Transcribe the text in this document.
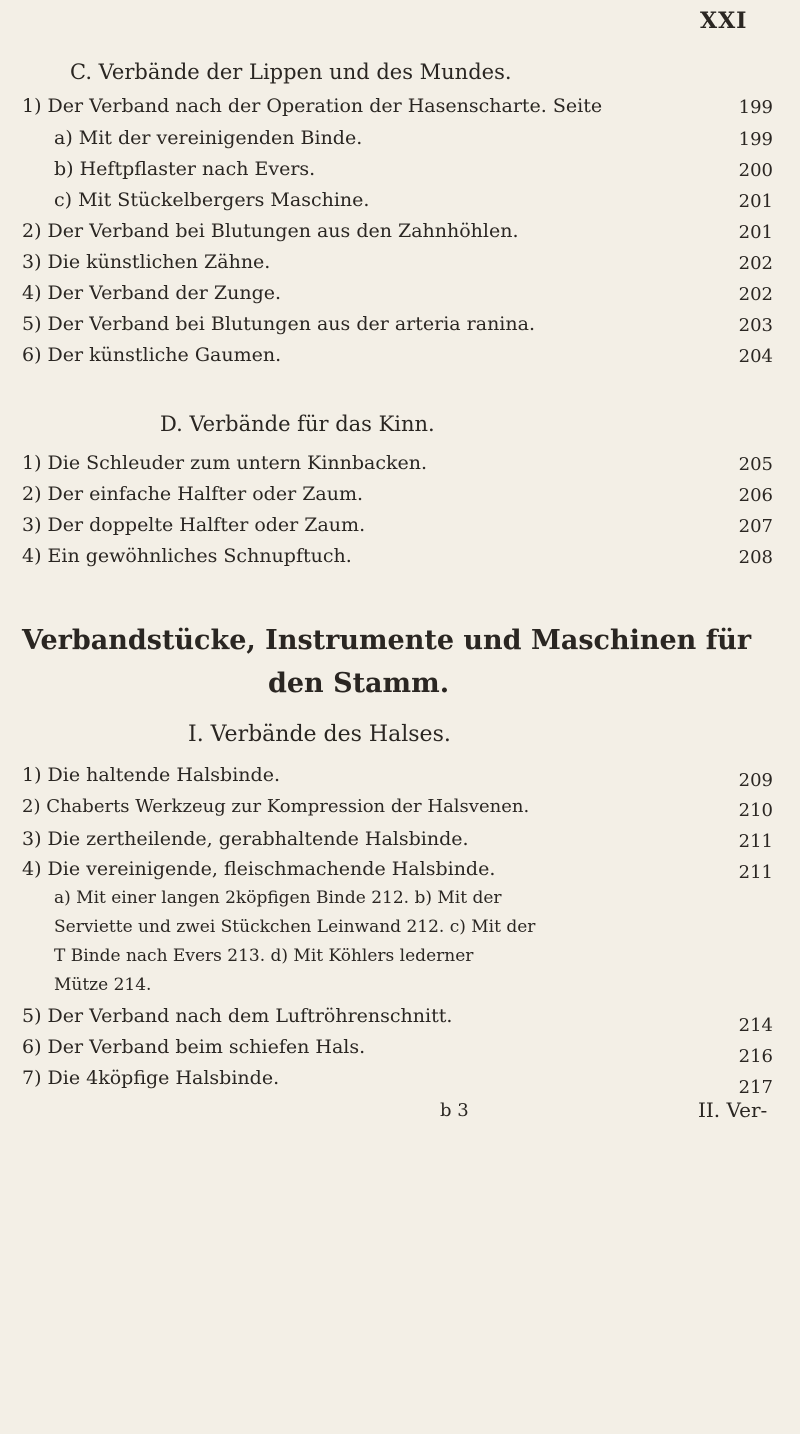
XXI
C. Verbände der Lippen und des Mundes.
1) Der Verband nach der Operation der Hasenscharte. Seite	199
a) Mit der vereinigenden Binde.	199
b) Heftpflaster nach Evers.	200
c) Mit Stückelbergers Maschine.	201
2) Der Verband bei Blutungen aus den Zahnhöhlen.	201
3) Die künstlichen Zähne.	202
4) Der Verband der Zunge.	202
5) Der Verband bei Blutungen aus der arteria ranina.	203
6) Der künstliche Gaumen.	204
D. Verbände für das Kinn.
1) Die Schleuder zum untern Kinnbacken.	205
2) Der einfache Halfter oder Zaum.	206
3) Der doppelte Halfter oder Zaum.	207
4) Ein gewöhnliches Schnupftuch.	208
Verbandstücke, Instrumente und Maschinen für
den Stamm.
I. Verbände des Halses.
1) Die haltende Halsbinde.	209
2) Chaberts Werkzeug zur Kompression der Halsvenen.	210
3) Die zertheilende, gerabhaltende Halsbinde.	211
4) Die vereinigende, fleischmachende Halsbinde.	211
a) Mit einer langen 2köpfigen Binde 212. b) Mit der
Serviette und zwei Stückchen Leinwand 212. c) Mit der
T Binde nach Evers 213. d) Mit Köhlers lederner
Mütze 214.
5) Der Verband nach dem Luftröhrenschnitt.	214
6) Der Verband beim schiefen Hals.	216
7) Die 4köpfige Halsbinde.	217
b 3	II. Ver-
